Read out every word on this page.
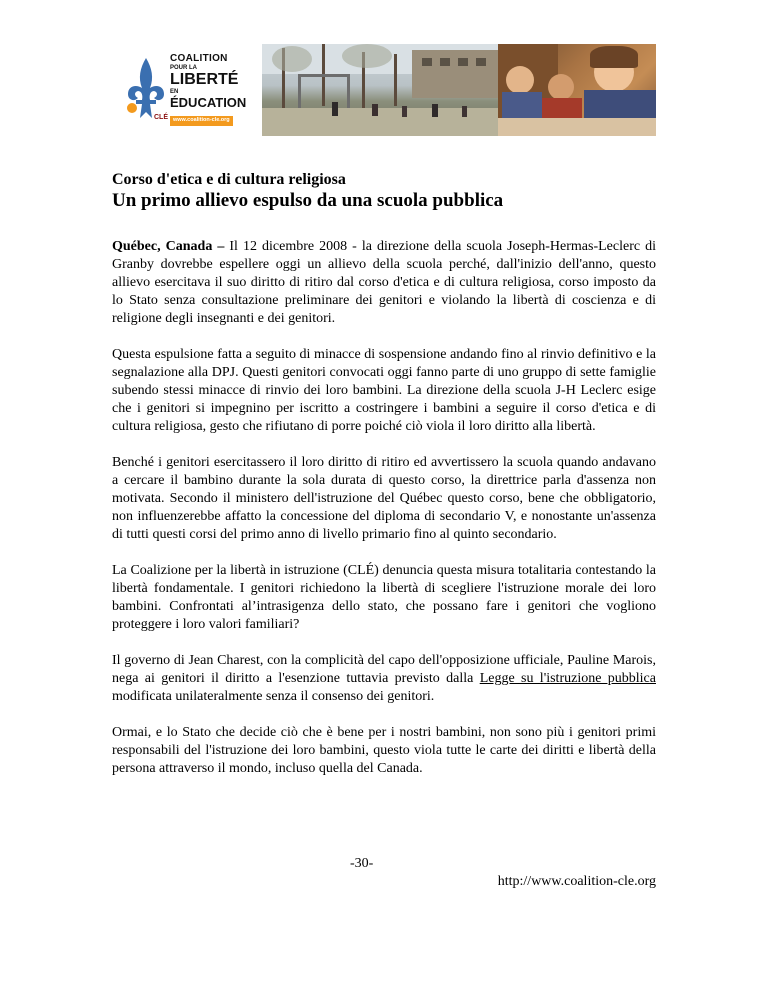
COALITION
POUR LA
LIBERTÉ
EN
ÉDUCATION
www.coalition-cle.org
CLÉ
Corso d'etica e di cultura religiosa
Un primo allievo espulso da una scuola pubblica

Québec, Canada – Il 12 dicembre 2008 - la direzione della scuola Joseph-Hermas-Leclerc di Granby dovrebbe espellere oggi un allievo della scuola perché, dall'inizio dell'anno, questo allievo esercitava il suo diritto di ritiro dal corso d'etica e di cultura religiosa, corso imposto da lo Stato senza consultazione preliminare dei genitori e violando la libertà di coscienza e di religione degli insegnanti e dei genitori.

Questa espulsione fatta a seguito di minacce di sospensione andando fino al rinvio definitivo e la segnalazione alla DPJ. Questi genitori convocati oggi fanno parte di uno gruppo di sette famiglie subendo stessi minacce di rinvio dei loro bambini. La direzione della scuola J-H Leclerc esige che i genitori si impegnino per iscritto a costringere i bambini a seguire il corso d'etica e di cultura religiosa, gesto che rifiutano di porre poiché ciò viola il loro diritto alla libertà.

Benché i genitori esercitassero il loro diritto di ritiro ed avvertissero la scuola quando andavano a cercare il bambino durante la sola durata di questo corso, la direttrice parla d'assenza non motivata. Secondo il ministero dell'istruzione del Québec questo corso, bene che obbligatorio, non influenzerebbe affatto la concessione del diploma di secondario V, e nonostante un'assenza di tutti questi corsi del primo anno di livello primario fino al quinto secondario.

La Coalizione per la libertà in istruzione (CLÉ) denuncia questa misura totalitaria contestando la libertà fondamentale. I genitori richiedono la libertà di scegliere l'istruzione morale dei loro bambini. Confrontati al’intrasigenza dello stato, che possano fare i genitori che vogliono proteggere i loro valori familiari?

Il governo di Jean Charest, con la complicità del capo dell'opposizione ufficiale, Pauline Marois, nega ai genitori il diritto a l'esenzione tuttavia previsto dalla Legge su l'istruzione pubblica modificata unilateralmente senza il consenso dei genitori.

Ormai, e lo Stato che decide ciò che è bene per i nostri bambini, non sono più i genitori primi responsabili del l'istruzione dei loro bambini, questo viola tutte le carte dei diritti e libertà della persona attraverso il mondo, incluso quella del Canada.

-30-
http://www.coalition-cle.org
